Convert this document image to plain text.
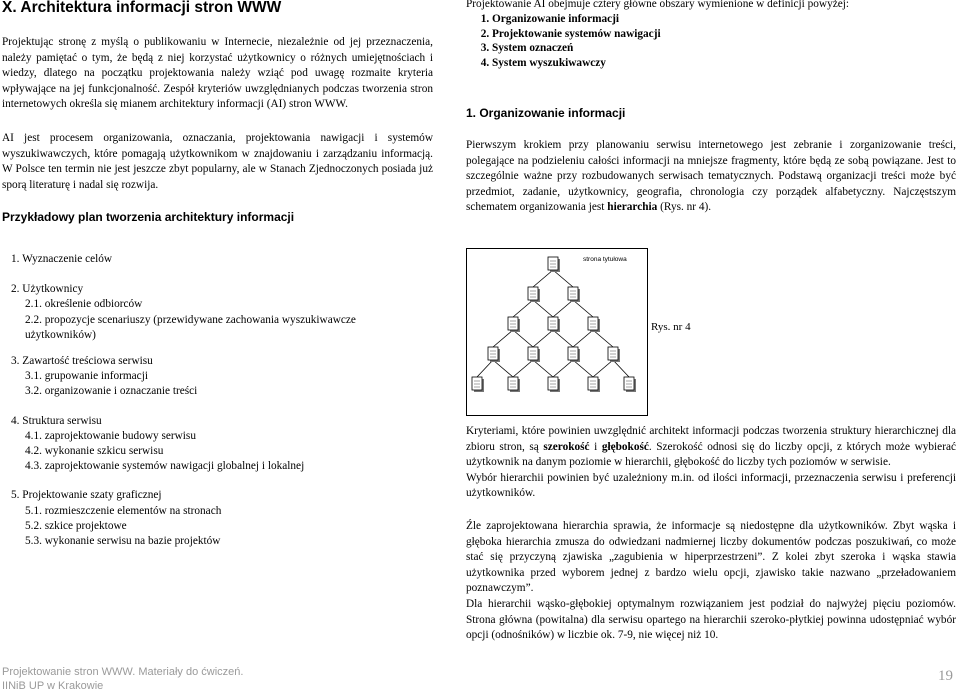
X. Architektura informacji stron WWW

Projektując stronę z myślą o publikowaniu w Internecie, niezależnie od jej przeznaczenia, należy pamiętać o tym, że będą z niej korzystać użytkownicy o różnych umiejętnościach i wiedzy, dlatego na początku projektowania należy wziąć pod uwagę rozmaite kryteria wpływające na jej funkcjonalność. Zespół kryteriów uwzględnianych podczas tworzenia stron internetowych określa się mianem architektury informacji (AI) stron WWW.

AI jest procesem organizowania, oznaczania, projektowania nawigacji i systemów wyszukiwawczych, które pomagają użytkownikom w znajdowaniu i zarządzaniu informacją. W Polsce ten termin nie jest jeszcze zbyt popularny, ale w Stanach Zjednoczonych posiada już sporą literaturę i nadal się rozwija.

Przykładowy plan tworzenia architektury informacji
1. Wyznaczenie celów
2. Użytkownicy
2.1. określenie odbiorców
2.2. propozycje scenariuszy (przewidywane zachowania wyszukiwawcze
użytkowników)
3. Zawartość treściowa serwisu
3.1. grupowanie informacji
3.2. organizowanie i oznaczanie treści
4. Struktura serwisu
4.1. zaprojektowanie budowy serwisu
4.2. wykonanie szkicu serwisu
4.3. zaprojektowanie systemów nawigacji globalnej i lokalnej
5. Projektowanie szaty graficznej
5.1. rozmieszczenie elementów na stronach
5.2. szkice projektowe
5.3. wykonanie serwisu na bazie projektów
Projektowanie AI obejmuje cztery główne obszary wymienione w definicji powyżej:
1. Organizowanie informacji
2. Projektowanie systemów nawigacji
3. System oznaczeń
4. System wyszukiwawczy
1. Organizowanie informacji

Pierwszym krokiem przy planowaniu serwisu internetowego jest zebranie i zorganizowanie treści, polegające na podzieleniu całości informacji na mniejsze fragmenty, które będą ze sobą powiązane. Jest to szczególnie ważne przy rozbudowanych serwisach tematycznych. Podstawą organizacji treści może być przedmiot, zadanie, użytkownicy, geografia, chronologia czy porządek alfabetyczny. Najczęstszym schematem organizowania jest hierarchia (Rys. nr 4).

strona tytułowa
Rys. nr 4

Kryteriami, które powinien uwzględnić architekt informacji podczas tworzenia struktury hierarchicznej dla zbioru stron, są szerokość i głębokość. Szerokość odnosi się do liczby opcji, z których może wybierać użytkownik na danym poziomie w hierarchii, głębokość do liczby tych poziomów w serwisie.

Wybór hierarchii powinien być uzależniony m.in. od ilości informacji, przeznaczenia serwisu i preferencji użytkowników.

Źle zaprojektowana hierarchia sprawia, że informacje są niedostępne dla użytkowników. Zbyt wąska i głęboka hierarchia zmusza do odwiedzani nadmiernej liczby dokumentów podczas poszukiwań, co może stać się przyczyną zjawiska „zagubienia w hiperprzestrzeni”. Z kolei zbyt szeroka i wąska stawia użytkownika przed wyborem jednej z bardzo wielu opcji, zjawisko takie nazwano „przeładowaniem poznawczym”.

Dla hierarchii wąsko-głębokiej optymalnym rozwiązaniem jest podział do najwyżej pięciu poziomów. Strona główna (powitalna) dla serwisu opartego na hierarchii szeroko-płytkiej powinna udostępniać wybór opcji (odnośników) w liczbie ok. 7-9, nie więcej niż 10.

Projektowanie stron WWW. Materiały do ćwiczeń.
IINiB UP w Krakowie
19
